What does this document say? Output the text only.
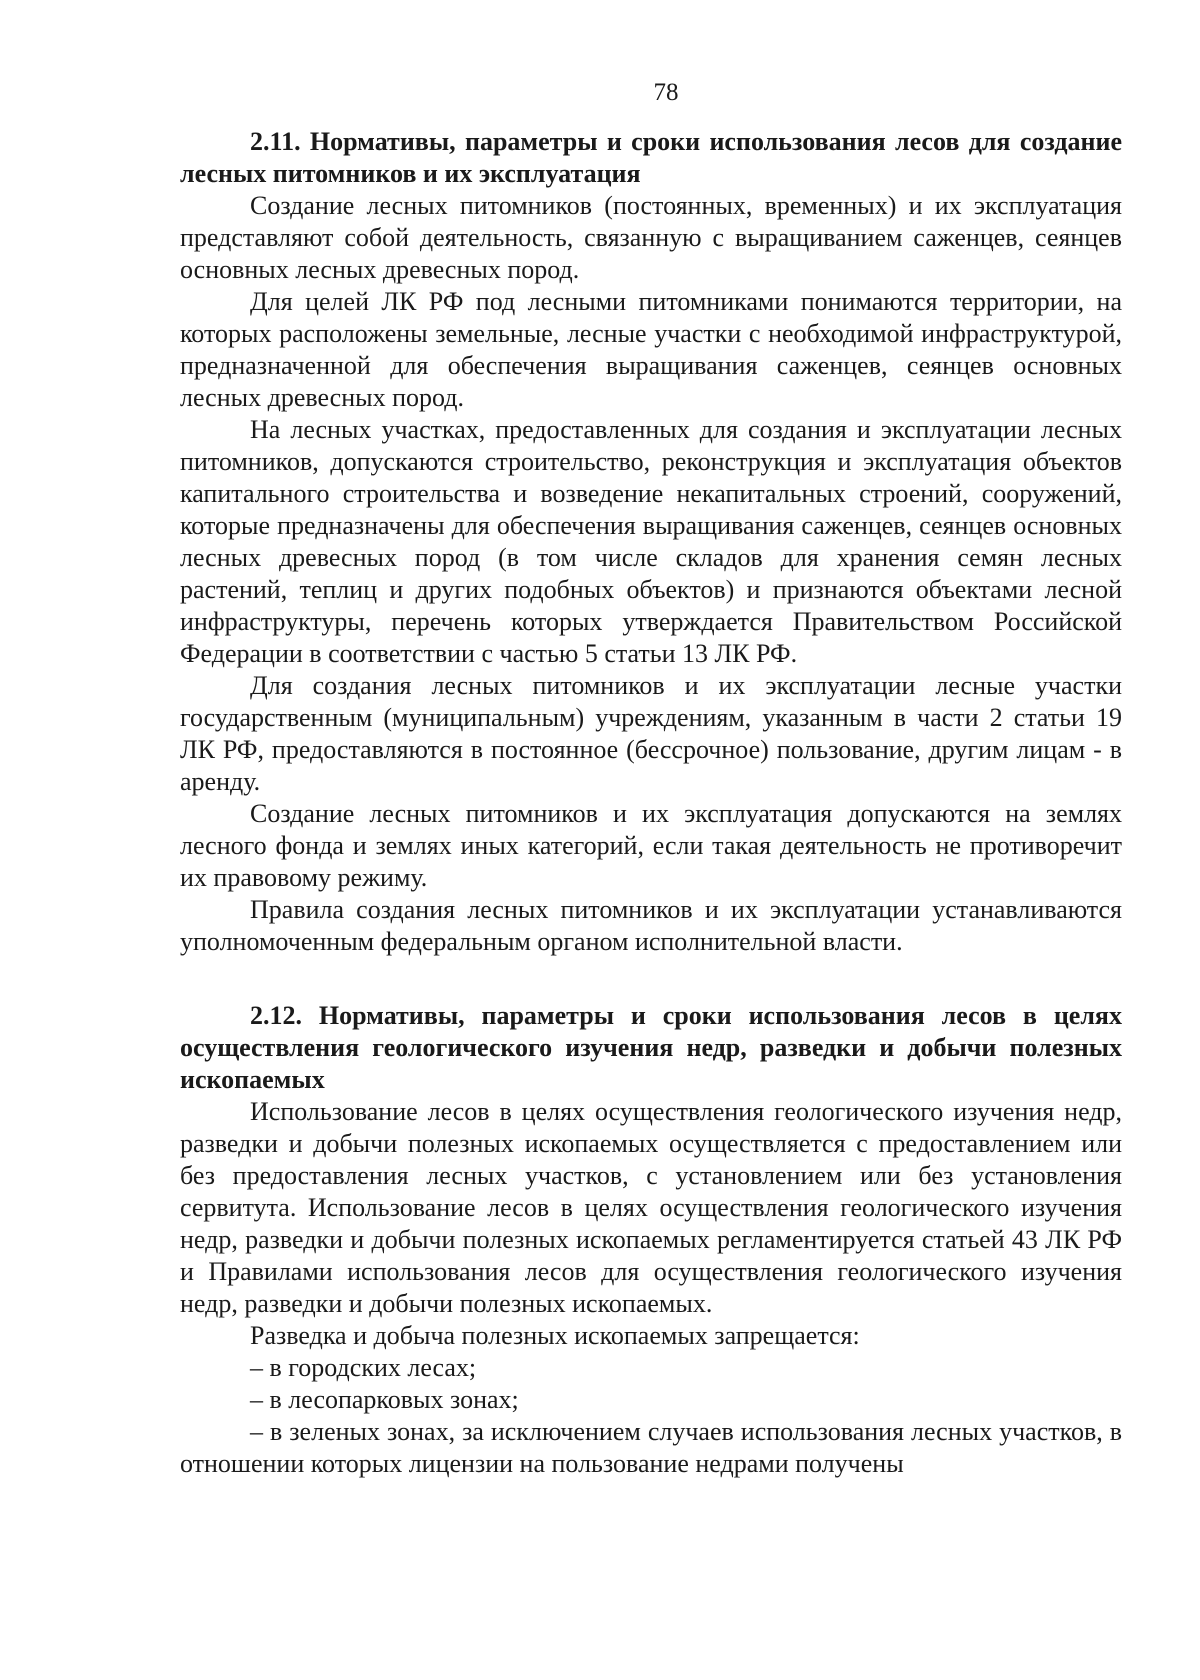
78
2.11. Нормативы, параметры и сроки использования лесов для создание лесных питомников и их эксплуатация

Создание лесных питомников (постоянных, временных) и их эксплуатация представляют собой деятельность, связанную с выращиванием саженцев, сеянцев основных лесных древесных пород.

Для целей ЛК РФ под лесными питомниками понимаются территории, на которых расположены земельные, лесные участки с необходимой инфраструктурой, предназначенной для обеспечения выращивания саженцев, сеянцев основных лесных древесных пород.

На лесных участках, предоставленных для создания и эксплуатации лесных питомников, допускаются строительство, реконструкция и эксплуатация объектов капитального строительства и возведение некапитальных строений, сооружений, которые предназначены для обеспечения выращивания саженцев, сеянцев основных лесных древесных пород (в том числе складов для хранения семян лесных растений, теплиц и других подобных объектов) и признаются объектами лесной инфраструктуры, перечень которых утверждается Правительством Российской Федерации в соответствии с частью 5 статьи 13 ЛК РФ.

Для создания лесных питомников и их эксплуатации лесные участки государственным (муниципальным) учреждениям, указанным в части 2 статьи 19 ЛК РФ, предоставляются в постоянное (бессрочное) пользование, другим лицам - в аренду.

Создание лесных питомников и их эксплуатация допускаются на землях лесного фонда и землях иных категорий, если такая деятельность не противоречит их правовому режиму.

Правила создания лесных питомников и их эксплуатации устанавливаются уполномоченным федеральным органом исполнительной власти.

2.12. Нормативы, параметры и сроки использования лесов в целях осуществления геологического изучения недр, разведки и добычи полезных ископаемых

Использование лесов в целях осуществления геологического изучения недр, разведки и добычи полезных ископаемых осуществляется с предоставлением или без предоставления лесных участков, с установлением или без установления сервитута. Использование лесов в целях осуществления геологического изучения недр, разведки и добычи полезных ископаемых регламентируется статьей 43 ЛК РФ и Правилами использования лесов для осуществления геологического изучения недр, разведки и добычи полезных ископаемых.

Разведка и добыча полезных ископаемых запрещается:

– в городских лесах;

– в лесопарковых зонах;

– в зеленых зонах, за исключением случаев использования лесных участков, в отношении которых лицензии на пользование недрами получены
